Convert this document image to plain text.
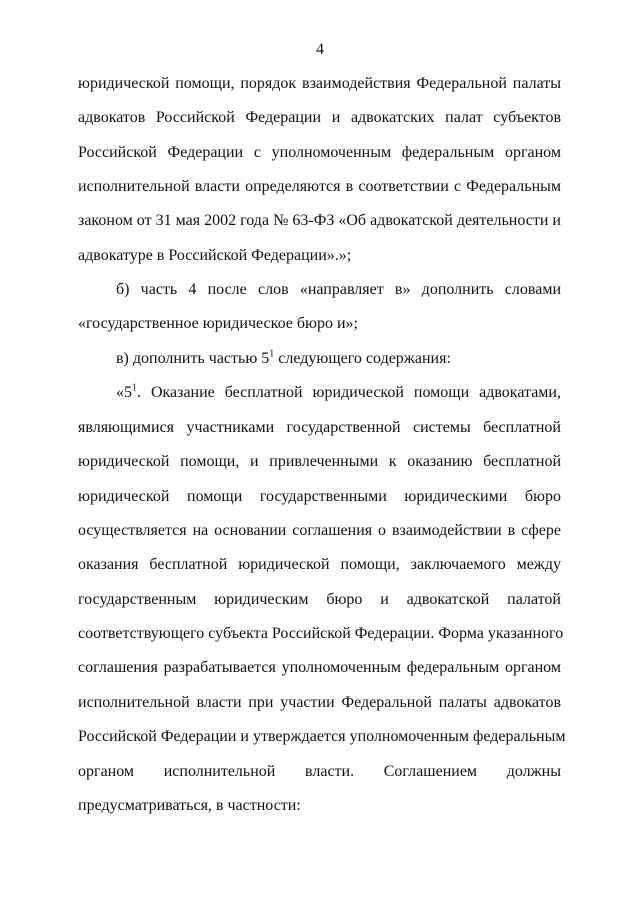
4
юридической помощи, порядок взаимодействия Федеральной палаты
адвокатов Российской Федерации и адвокатских палат субъектов
Российской Федерации с уполномоченным федеральным органом
исполнительной власти определяются в соответствии с Федеральным
законом от 31 мая 2002 года № 63-ФЗ «Об адвокатской деятельности и
адвокатуре в Российской Федерации».»;
б) часть 4 после слов «направляет в» дополнить словами
«государственное юридическое бюро и»;
в) дополнить частью $5^1$ следующего содержания:
«$5^1$. Оказание бесплатной юридической помощи адвокатами,
являющимися участниками государственной системы бесплатной
юридической помощи, и привлеченными к оказанию бесплатной
юридической помощи государственными юридическими бюро
осуществляется на основании соглашения о взаимодействии в сфере
оказания бесплатной юридической помощи, заключаемого между
государственным юридическим бюро и адвокатской палатой
соответствующего субъекта Российской Федерации. Форма указанного
соглашения разрабатывается уполномоченным федеральным органом
исполнительной власти при участии Федеральной палаты адвокатов
Российской Федерации и утверждается уполномоченным федеральным
органом исполнительной власти. Соглашением должны
предусматриваться, в частности:
